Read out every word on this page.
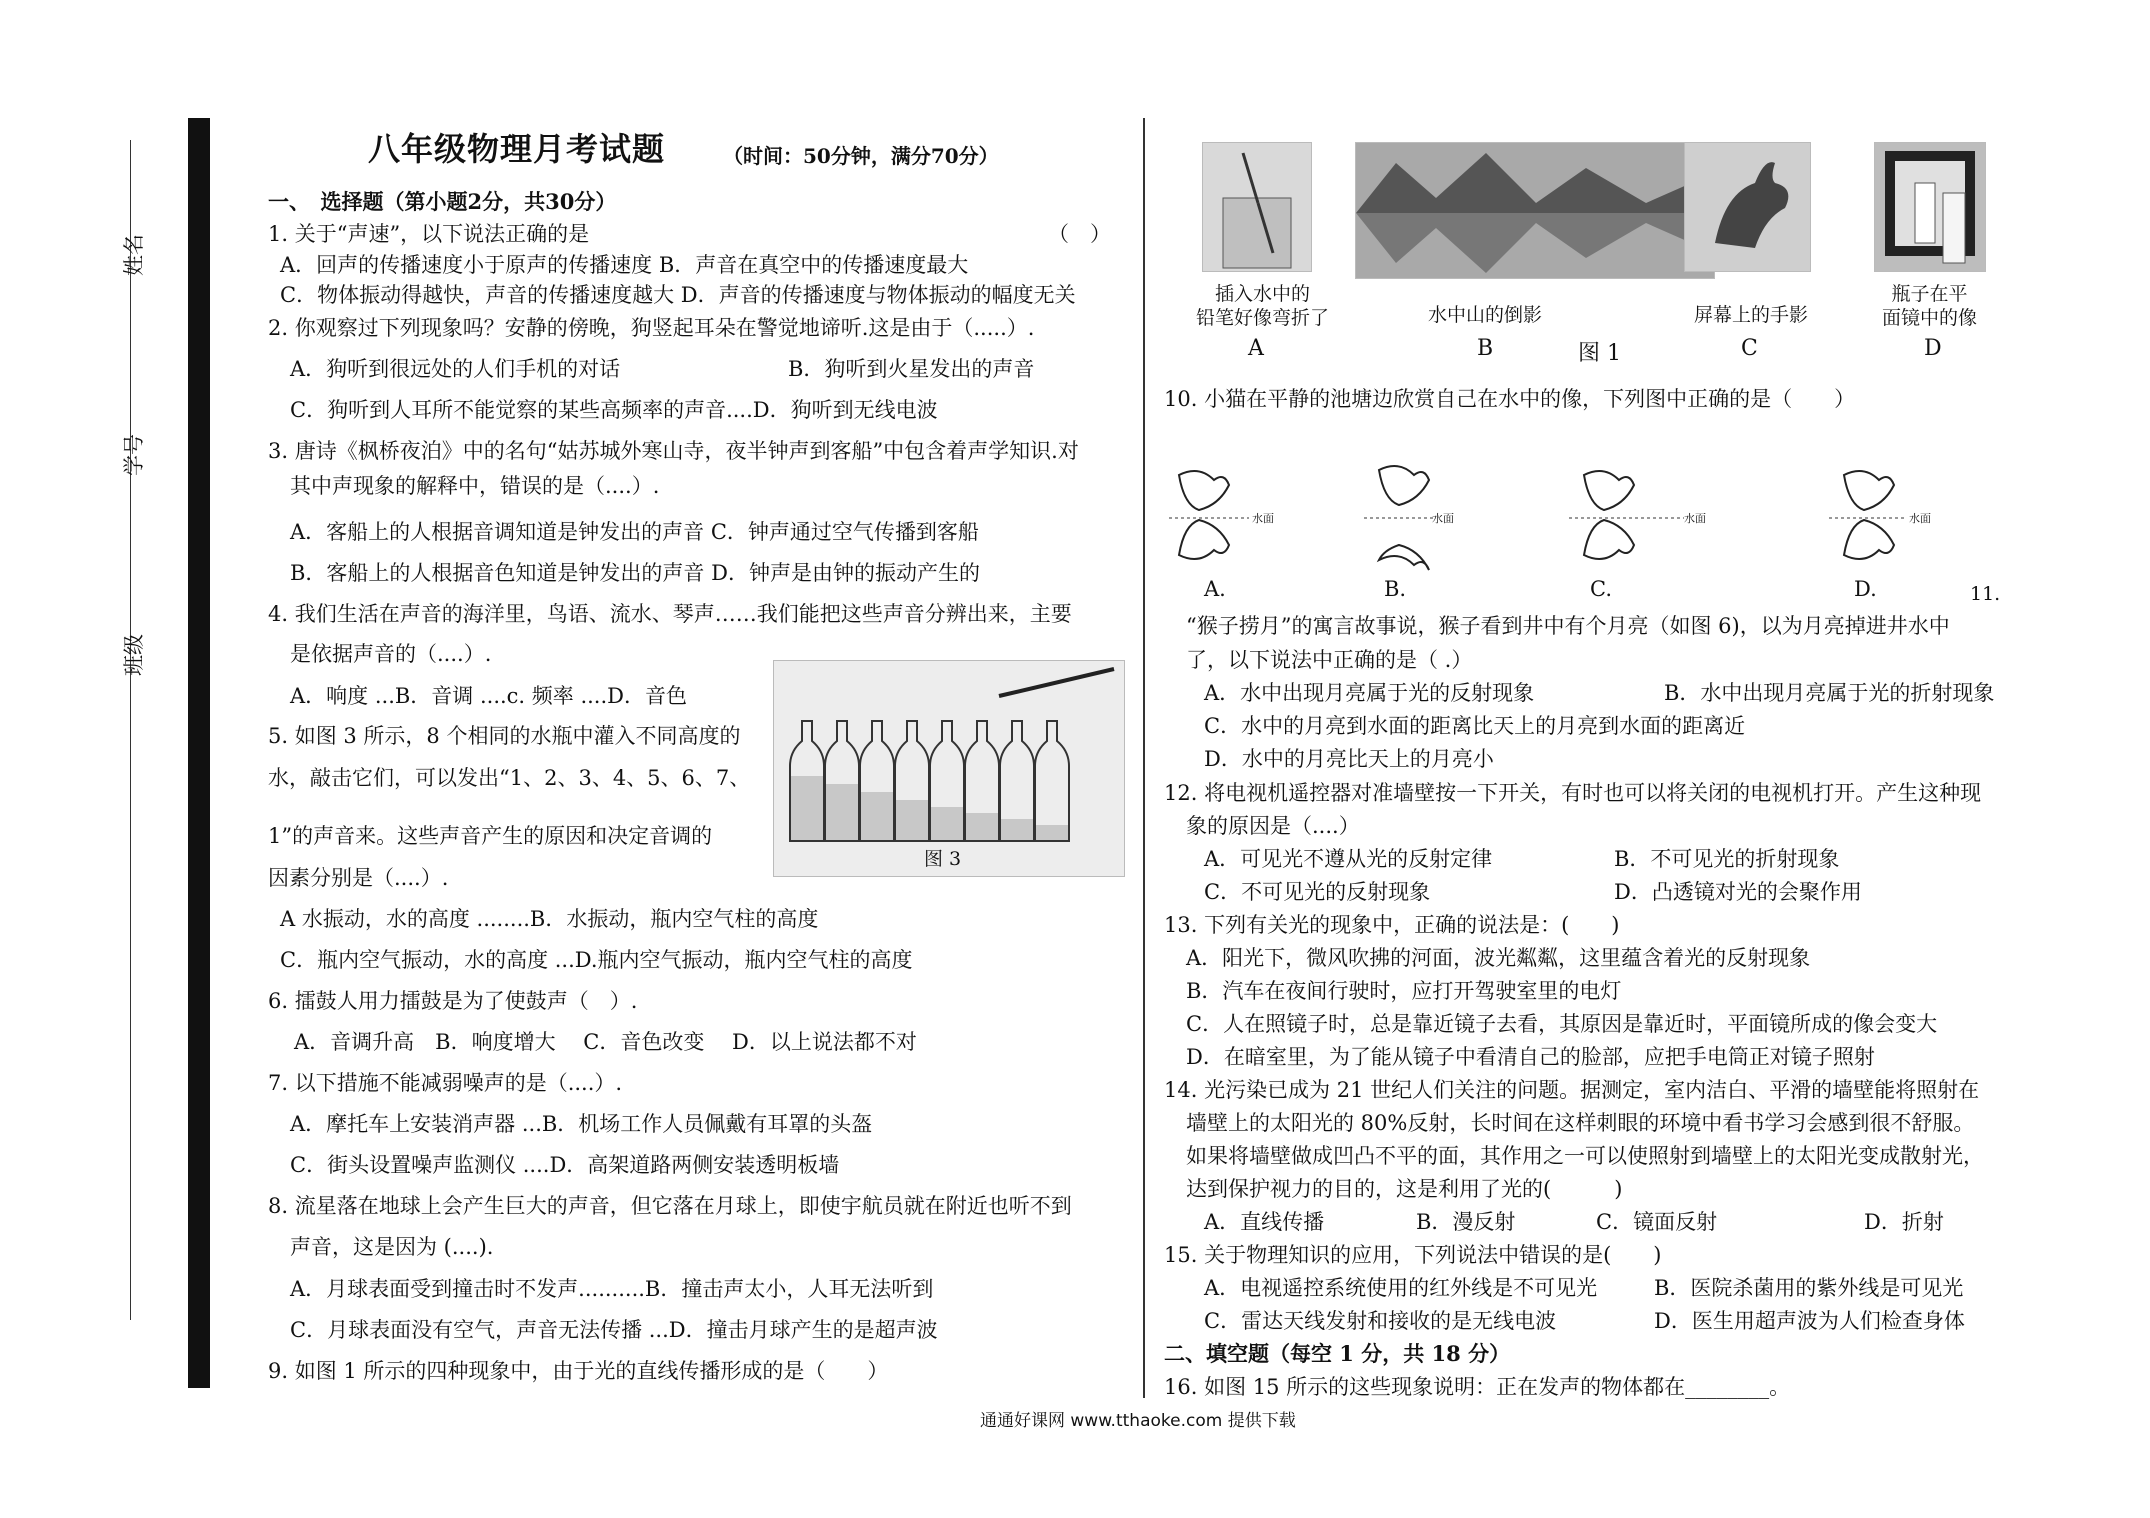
姓名
学号
班级
八年级物理月考试题	（时间：50分钟，满分70分）
一、　选择题（第小题2分，共30分）
1. 关于“声速”，以下说法正确的是	（　）
A．回声的传播速度小于原声的传播速度 B．声音在真空中的传播速度最大
C．物体振动得越快，声音的传播速度越大 D．声音的传播速度与物体振动的幅度无关
2. 你观察过下列现象吗？安静的傍晚，狗竖起耳朵在警觉地谛听.这是由于（.....）.
A．狗听到很远处的人们手机的对话	B．狗听到火星发出的声音
C．狗听到人耳所不能觉察的某些高频率的声音....D．狗听到无线电波
3. 唐诗《枫桥夜泊》中的名句“姑苏城外寒山寺，夜半钟声到客船”中包含着声学知识.对
其中声现象的解释中，错误的是（....）.
A．客船上的人根据音调知道是钟发出的声音 C．钟声通过空气传播到客船
B．客船上的人根据音色知道是钟发出的声音 D．钟声是由钟的振动产生的
4. 我们生活在声音的海洋里，鸟语、流水、琴声……我们能把这些声音分辨出来，主要
是依据声音的（....）.
A．响度 ...B．音调 ....c. 频率 ....D．音色
5. 如图 3 所示，8 个相同的水瓶中灌入不同高度的
水，敲击它们，可以发出“1、2、3、4、5、6、7、
1”的声音来。这些声音产生的原因和决定音调的
因素分别是（....）.
图 3
A 水振动，水的高度 ........B．水振动，瓶内空气柱的高度
C．瓶内空气振动，水的高度 ...D.瓶内空气振动，瓶内空气柱的高度
6. 擂鼓人用力擂鼓是为了使鼓声（　）.
A．音调升高　B．响度增大　 C．音色改变　 D．以上说法都不对
7. 以下措施不能减弱噪声的是（....）.
A．摩托车上安装消声器 ...B．机场工作人员佩戴有耳罩的头盔
C．街头设置噪声监测仪 ....D．高架道路两侧安装透明板墙
8. 流星落在地球上会产生巨大的声音，但它落在月球上，即使宇航员就在附近也听不到
声音，这是因为 (....).
A．月球表面受到撞击时不发声..........B．撞击声太小，人耳无法听到
C．月球表面没有空气，声音无法传播 ...D．撞击月球产生的是超声波
9. 如图 1 所示的四种现象中，由于光的直线传播形成的是（　　）
插入水中的
铅笔好像弯折了	水中山的倒影	屏幕上的手影
瓶子在平
面镜中的像
A	B	图 1	C	D
10. 小猫在平静的池塘边欣赏自己在水中的像，下列图中正确的是（　　）
水面	水面	水面	水面
A.	B.	C.	D.	11.
“猴子捞月”的寓言故事说，猴子看到井中有个月亮（如图 6)，以为月亮掉进井水中
了，以下说法中正确的是（ .）
A．水中出现月亮属于光的反射现象	B．水中出现月亮属于光的折射现象
C．水中的月亮到水面的距离比天上的月亮到水面的距离近
D．水中的月亮比天上的月亮小
12. 将电视机遥控器对准墙壁按一下开关，有时也可以将关闭的电视机打开。产生这种现
象的原因是（....）
A．可见光不遵从光的反射定律	B．不可见光的折射现象
C．不可见光的反射现象	D．凸透镜对光的会聚作用
13. 下列有关光的现象中，正确的说法是：(　　)
A．阳光下，微风吹拂的河面，波光粼粼，这里蕴含着光的反射现象
B．汽车在夜间行驶时，应打开驾驶室里的电灯
C．人在照镜子时，总是靠近镜子去看，其原因是靠近时，平面镜所成的像会变大
D．在暗室里，为了能从镜子中看清自己的脸部，应把手电筒正对镜子照射
14. 光污染已成为 21 世纪人们关注的问题。据测定，室内洁白、平滑的墙壁能将照射在
墙壁上的太阳光的 80%反射，长时间在这样刺眼的环境中看书学习会感到很不舒服。
如果将墙壁做成凹凸不平的面，其作用之一可以使照射到墙壁上的太阳光变成散射光，
达到保护视力的目的，这是利用了光的(　　　)
A．直线传播	B．漫反射	C．镜面反射	D．折射
15. 关于物理知识的应用，下列说法中错误的是(　　)
A．电视遥控系统使用的红外线是不可见光	B．医院杀菌用的紫外线是可见光
C．雷达天线发射和接收的是无线电波	D．医生用超声波为人们检查身体
二、填空题（每空 1 分，共 18 分）
16. 如图 15 所示的这些现象说明：正在发声的物体都在________。
通通好课网 www.tthaoke.com 提供下载
